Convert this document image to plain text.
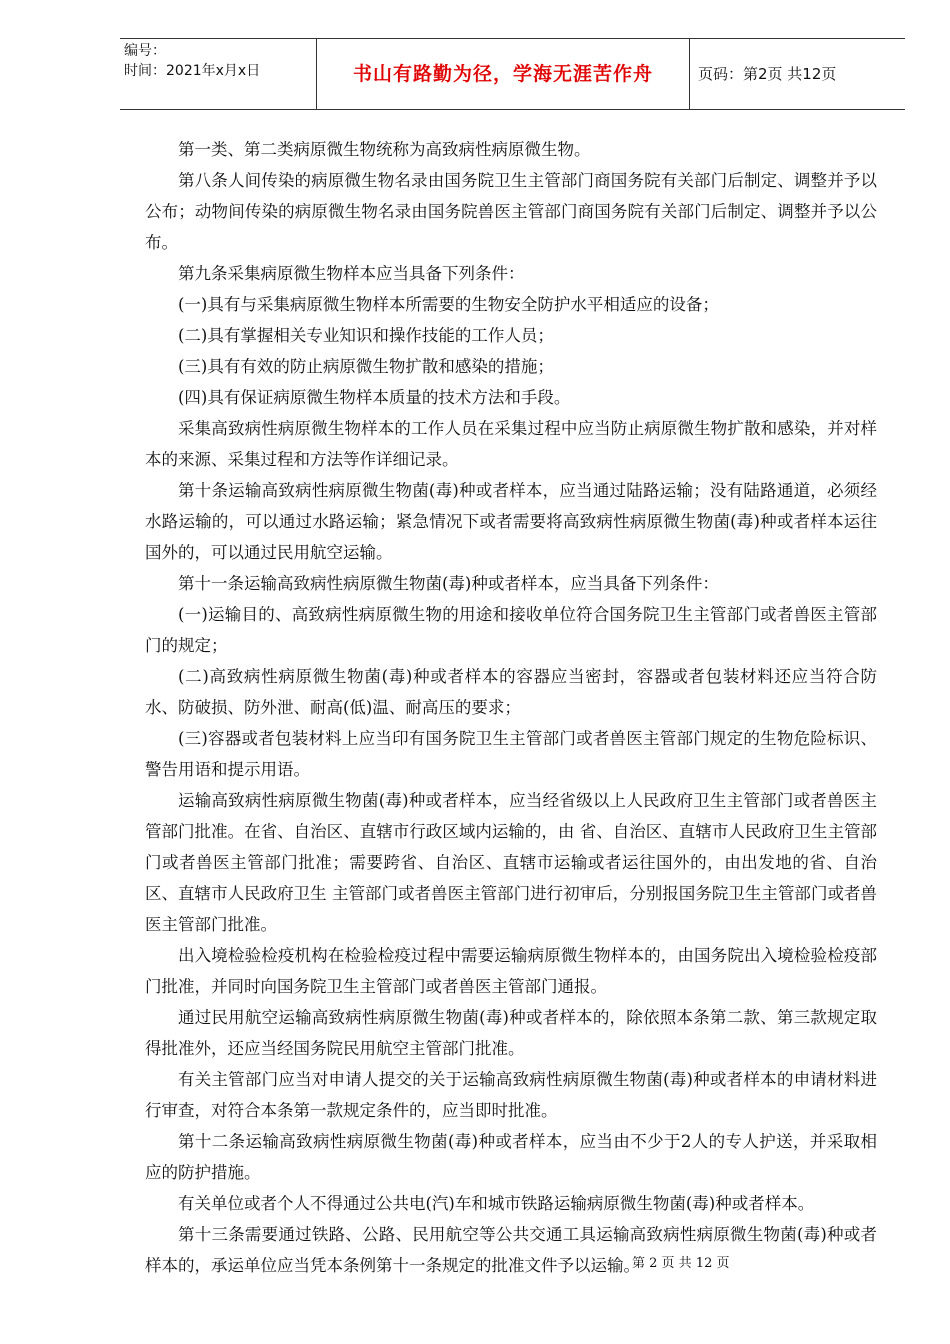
编号：
时间：2021年x月x日	书山有路勤为径，学海无涯苦作舟	页码：第2页 共12页

第一类、第二类病原微生物统称为高致病性病原微生物。

第八条人间传染的病原微生物名录由国务院卫生主管部门商国务院有关部门后制定、调整并予以公布；动物间传染的病原微生物名录由国务院兽医主管部门商国务院有关部门后制定、调整并予以公布。

第九条采集病原微生物样本应当具备下列条件：

(一)具有与采集病原微生物样本所需要的生物安全防护水平相适应的设备；

(二)具有掌握相关专业知识和操作技能的工作人员；

(三)具有有效的防止病原微生物扩散和感染的措施；

(四)具有保证病原微生物样本质量的技术方法和手段。

采集高致病性病原微生物样本的工作人员在采集过程中应当防止病原微生物扩散和感染，并对样本的来源、采集过程和方法等作详细记录。

第十条运输高致病性病原微生物菌(毒)种或者样本，应当通过陆路运输；没有陆路通道，必须经水路运输的，可以通过水路运输；紧急情况下或者需要将高致病性病原微生物菌(毒)种或者样本运往国外的，可以通过民用航空运输。

第十一条运输高致病性病原微生物菌(毒)种或者样本，应当具备下列条件：

(一)运输目的、高致病性病原微生物的用途和接收单位符合国务院卫生主管部门或者兽医主管部门的规定；

(二)高致病性病原微生物菌(毒)种或者样本的容器应当密封，容器或者包装材料还应当符合防水、防破损、防外泄、耐高(低)温、耐高压的要求；

(三)容器或者包装材料上应当印有国务院卫生主管部门或者兽医主管部门规定的生物危险标识、警告用语和提示用语。

运输高致病性病原微生物菌(毒)种或者样本，应当经省级以上人民政府卫生主管部门或者兽医主管部门批准。在省、自治区、直辖市行政区域内运输的，由 省、自治区、直辖市人民政府卫生主管部门或者兽医主管部门批准；需要跨省、自治区、直辖市运输或者运往国外的，由出发地的省、自治区、直辖市人民政府卫生 主管部门或者兽医主管部门进行初审后，分别报国务院卫生主管部门或者兽医主管部门批准。

出入境检验检疫机构在检验检疫过程中需要运输病原微生物样本的，由国务院出入境检验检疫部门批准，并同时向国务院卫生主管部门或者兽医主管部门通报。

通过民用航空运输高致病性病原微生物菌(毒)种或者样本的，除依照本条第二款、第三款规定取得批准外，还应当经国务院民用航空主管部门批准。

有关主管部门应当对申请人提交的关于运输高致病性病原微生物菌(毒)种或者样本的申请材料进行审查，对符合本条第一款规定条件的，应当即时批准。

第十二条运输高致病性病原微生物菌(毒)种或者样本，应当由不少于2人的专人护送，并采取相应的防护措施。

有关单位或者个人不得通过公共电(汽)车和城市铁路运输病原微生物菌(毒)种或者样本。

第十三条需要通过铁路、公路、民用航空等公共交通工具运输高致病性病原微生物菌(毒)种或者样本的，承运单位应当凭本条例第十一条规定的批准文件予以运输。

第 2 页 共 12 页
